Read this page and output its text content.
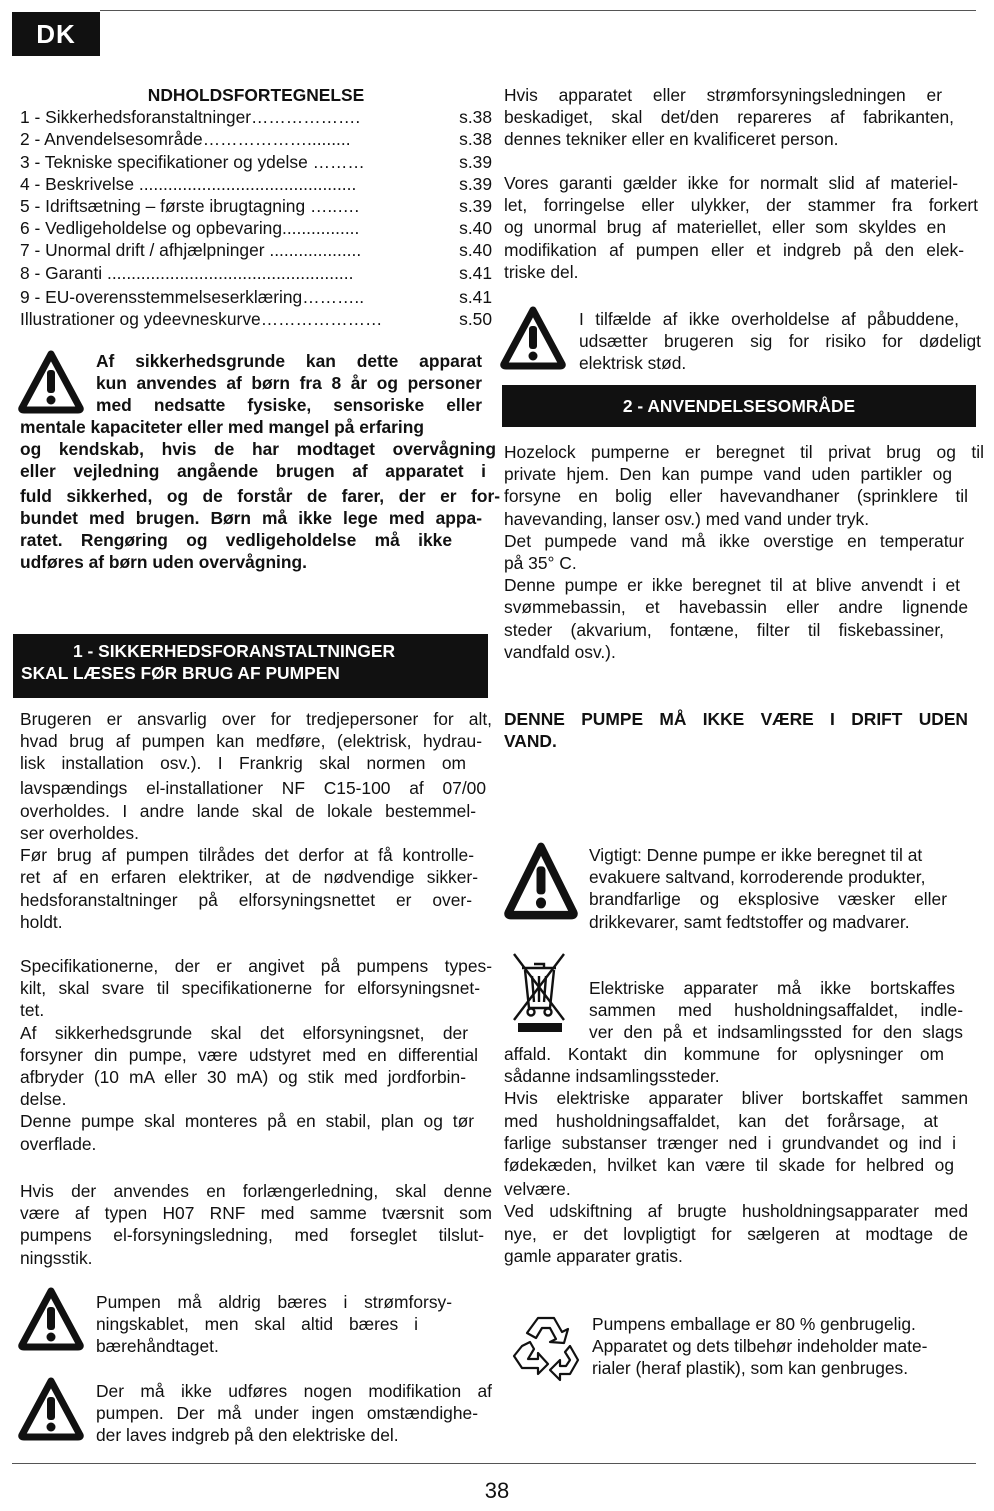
DK
NDHOLDSFORTEGNELSE
1 - Sikkerhedsforanstaltninger……………….	s.38
2 - Anvendelsesområde……………….........	s.38
3 - Tekniske specifikationer og ydelse ………	s.39
4 - Beskrivelse .............................................	s.39
5 - Idriftsætning – første ibrugtagning …..….	s.39
6 - Vedligeholdelse og opbevaring................	s.40
7 - Unormal drift / afhjælpninger ...................	s.40
8 - Garanti ...................................................	s.41
9 - EU-overensstemmelseserklæring………..	s.41
Illustrationer og ydeevneskurve…………………	s.50
Af sikkerhedsgrunde kan dette apparat
kun anvendes af børn fra 8 år og personer
med nedsatte fysiske, sensoriske eller
mentale kapaciteter eller med mangel på erfaring
og kendskab, hvis de har modtaget overvågning
eller vejledning angående brugen af apparatet i
fuld sikkerhed, og de forstår de farer, der er for-
bundet med brugen. Børn må ikke lege med appa-
ratet. Rengøring og vedligeholdelse må ikke
udføres af børn uden overvågning.
1 - SIKKERHEDSFORANSTALTNINGER
SKAL LÆSES FØR BRUG AF PUMPEN
Brugeren er ansvarlig over for tredjepersoner for alt,
hvad brug af pumpen kan medføre, (elektrisk, hydrau-
lisk installation osv.). I Frankrig skal normen om
lavspændings el-installationer NF C15-100 af 07/00
overholdes. I andre lande skal de lokale bestemmel-
ser overholdes.
Før brug af pumpen tilrådes det derfor at få kontrolle-
ret af en erfaren elektriker, at de nødvendige sikker-
hedsforanstaltninger på elforsyningsnettet er over-
holdt.
Specifikationerne, der er angivet på pumpens types-
kilt, skal svare til specifikationerne for elforsyningsnet-
tet.
Af sikkerhedsgrunde skal det elforsyningsnet, der
forsyner din pumpe, være udstyret med en differential
afbryder (10 mA eller 30 mA) og stik med jordforbin-
delse.
Denne pumpe skal monteres på en stabil, plan og tør
overflade.
Hvis der anvendes en forlængerledning, skal denne
være af typen H07 RNF med samme tværsnit som
pumpens el-forsyningsledning, med forseglet tilslut-
ningsstik.
Pumpen må aldrig bæres i strømforsy-
ningskablet, men skal altid bæres i
bærehåndtaget.
Der må ikke udføres nogen modifikation af
pumpen. Der må under ingen omstændighe-
der laves indgreb på den elektriske del.
Hvis apparatet eller strømforsyningsledningen er
beskadiget, skal det/den repareres af fabrikanten,
dennes tekniker eller en kvalificeret person.
Vores garanti gælder ikke for normalt slid af materiel-
let, forringelse eller ulykker, der stammer fra forkert
og unormal brug af materiellet, eller som skyldes en
modifikation af pumpen eller et indgreb på den elek-
triske del.
I tilfælde af ikke overholdelse af påbuddene,
udsætter brugeren sig for risiko for dødeligt
elektrisk stød.
2 - ANVENDELSESOMRÅDE
Hozelock pumperne er beregnet til privat brug og til
private hjem. Den kan pumpe vand uden partikler og
forsyne en bolig eller havevandhaner (sprinklere til
havevanding, lanser osv.) med vand under tryk.
Det pumpede vand må ikke overstige en temperatur
på 35° C.
Denne pumpe er ikke beregnet til at blive anvendt i et
svømmebassin, et havebassin eller andre lignende
steder (akvarium, fontæne, filter til fiskebassiner,
vandfald osv.).
DENNE PUMPE MÅ IKKE VÆRE I DRIFT UDEN
VAND.
Vigtigt: Denne pumpe er ikke beregnet til at
evakuere saltvand, korroderende produkter,
brandfarlige og eksplosive væsker eller
drikkevarer, samt fedtstoffer og madvarer.
Elektriske apparater må ikke bortskaffes
sammen med husholdningsaffaldet, indle-
ver den på et indsamlingssted for den slags
affald. Kontakt din kommune for oplysninger om
sådanne indsamlingssteder.
Hvis elektriske apparater bliver bortskaffet sammen
med husholdningsaffaldet, kan det forårsage, at
farlige substanser trænger ned i grundvandet og ind i
fødekæden, hvilket kan være til skade for helbred og
velvære.
Ved udskiftning af brugte husholdningsapparater med
nye, er det lovpligtigt for sælgeren at modtage de
gamle apparater gratis.
Pumpens emballage er 80 % genbrugelig.
Apparatet og dets tilbehør indeholder mate-
rialer (heraf plastik), som kan genbruges.
38
